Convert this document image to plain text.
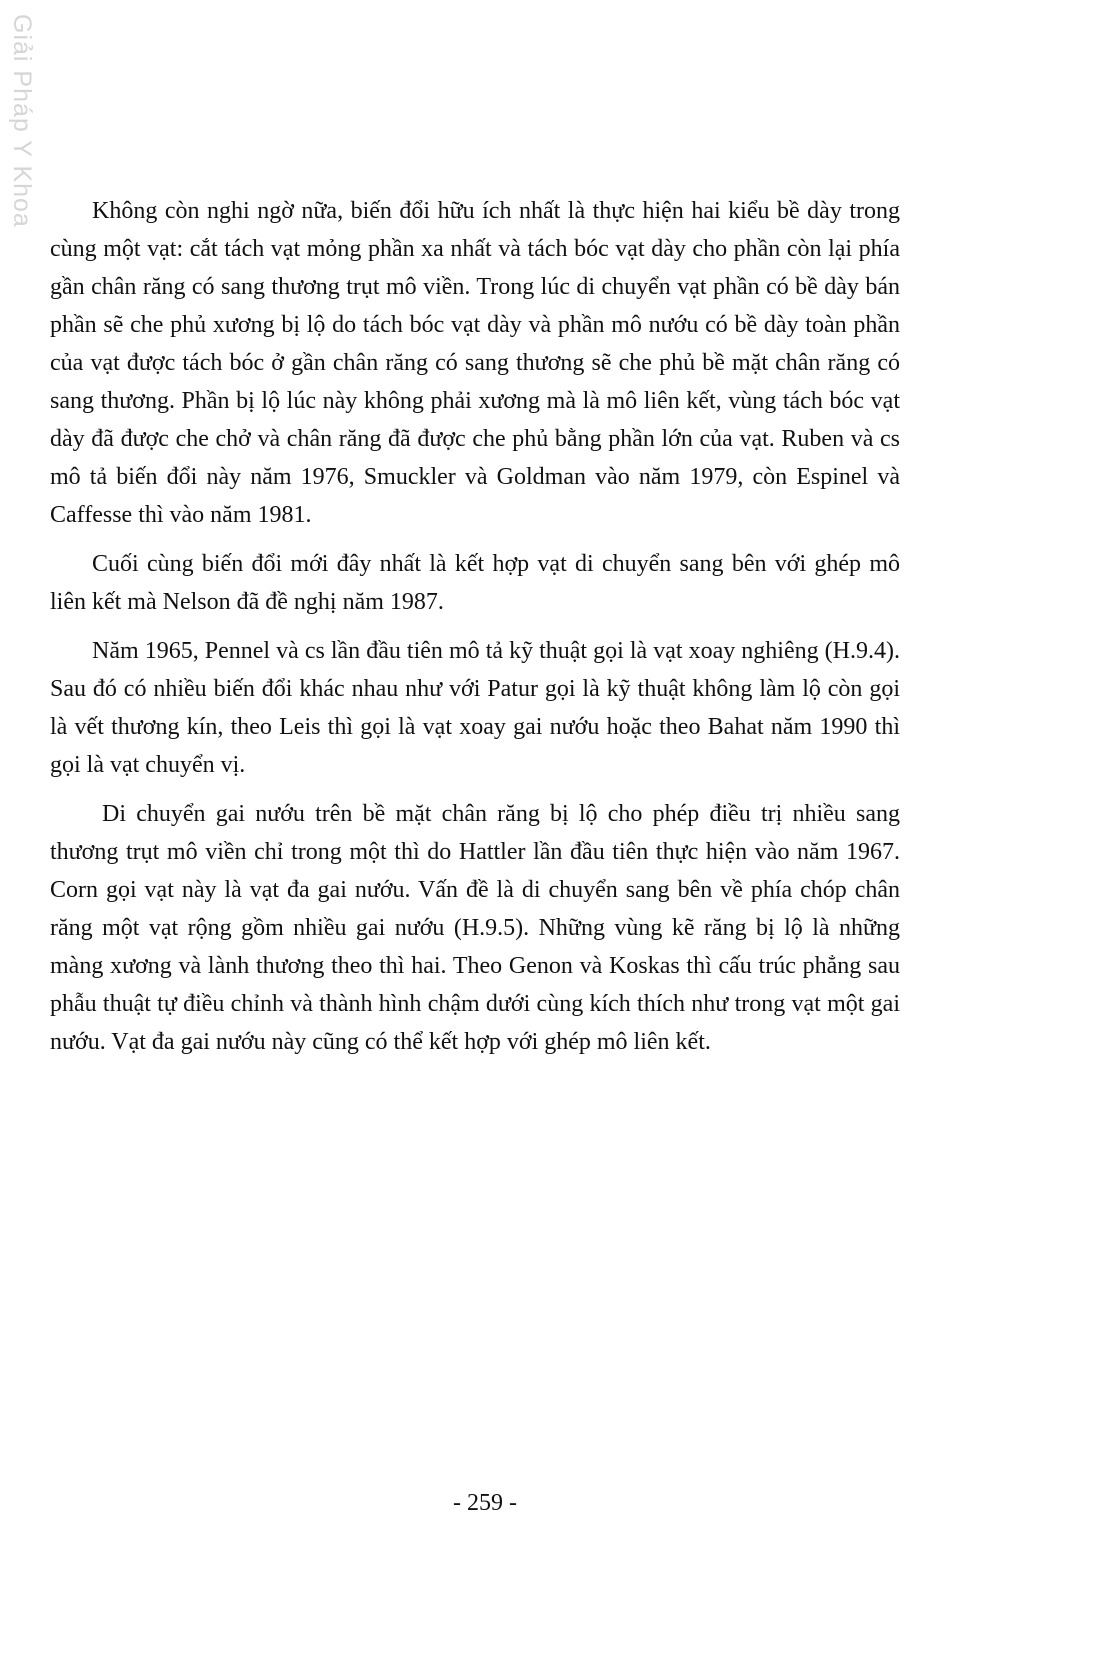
Giải Pháp Y Khoa	Không còn nghi ngờ nữa, biến đổi hữu ích nhất là thực hiện hai kiểu bề dày trong cùng một vạt: cắt tách vạt mỏng phần xa nhất và tách bóc vạt dày cho phần còn lại phía gần chân răng có sang thương trụt mô viền. Trong lúc di chuyển vạt phần có bề dày bán phần sẽ che phủ xương bị lộ do tách bóc vạt dày và phần mô nướu có bề dày toàn phần của vạt được tách bóc ở gần chân răng có sang thương sẽ che phủ bề mặt chân răng có sang thương. Phần bị lộ lúc này không phải xương mà là mô liên kết, vùng tách bóc vạt dày đã được che chở và chân răng đã được che phủ bằng phần lớn của vạt. Ruben và cs mô tả biến đổi này năm 1976, Smuckler và Goldman vào năm 1979, còn Espinel và Caffesse thì vào năm 1981.

Cuối cùng biến đổi mới đây nhất là kết hợp vạt di chuyển sang bên với ghép mô liên kết mà Nelson đã đề nghị năm 1987.

Năm 1965, Pennel và cs lần đầu tiên mô tả kỹ thuật gọi là vạt xoay nghiêng (H.9.4). Sau đó có nhiều biến đổi khác nhau như với Patur gọi là kỹ thuật không làm lộ còn gọi là vết thương kín, theo Leis thì gọi là vạt xoay gai nướu hoặc theo Bahat năm 1990 thì gọi là vạt chuyển vị.

Di chuyển gai nướu trên bề mặt chân răng bị lộ cho phép điều trị nhiều sang thương trụt mô viền chỉ trong một thì do Hattler lần đầu tiên thực hiện vào năm 1967. Corn gọi vạt này là vạt đa gai nướu. Vấn đề là di chuyển sang bên về phía chóp chân răng một vạt rộng gồm nhiều gai nướu (H.9.5). Những vùng kẽ răng bị lộ là những màng xương và lành thương theo thì hai. Theo Genon và Koskas thì cấu trúc phẳng sau phẫu thuật tự điều chỉnh và thành hình chậm dưới cùng kích thích như trong vạt một gai nướu. Vạt đa gai nướu này cũng có thể kết hợp với ghép mô liên kết.

- 259 -
